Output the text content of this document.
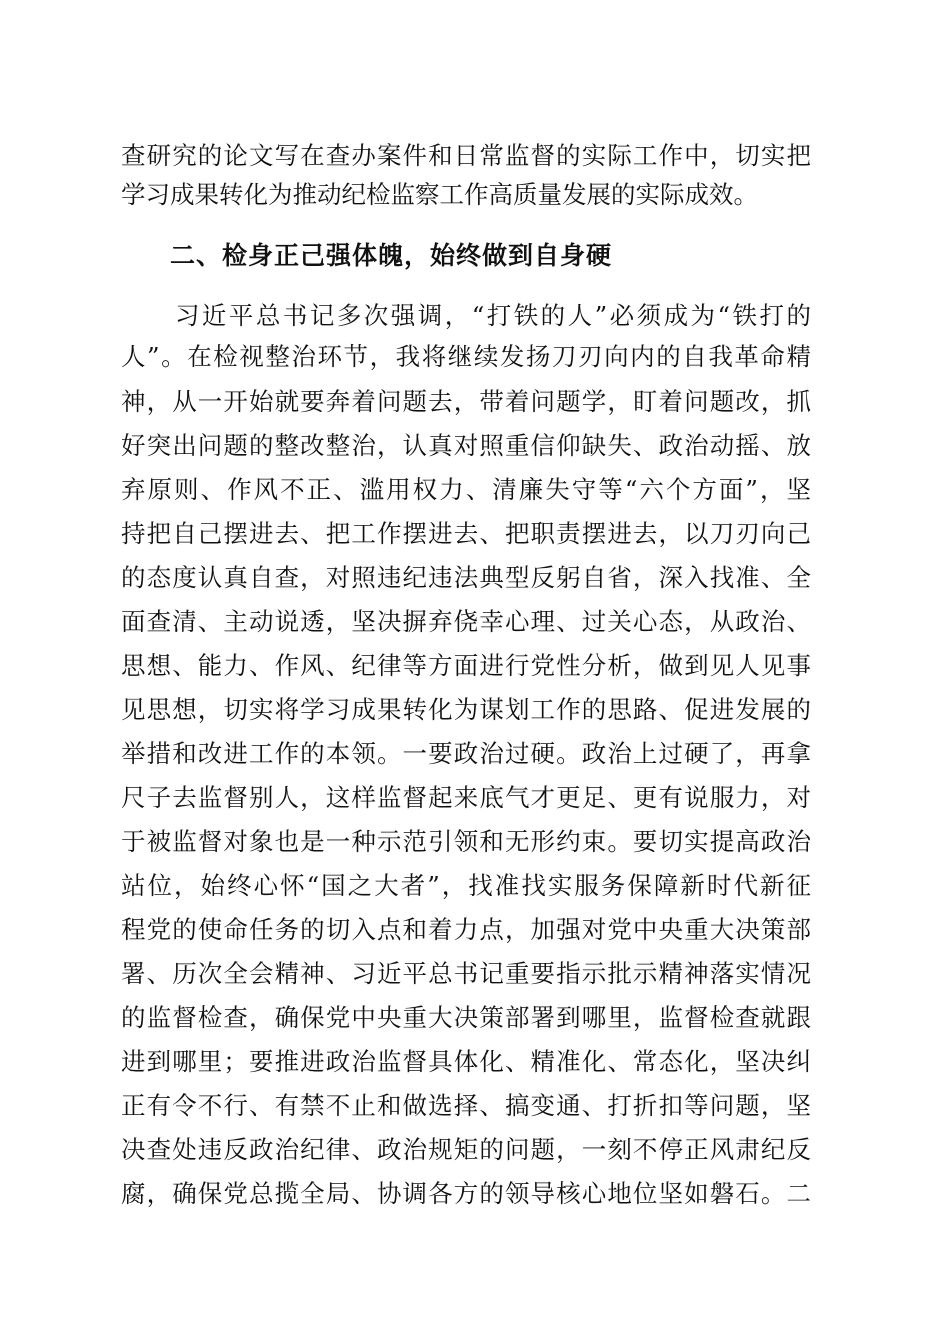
查研究的论文写在查办案件和日常监督的实际工作中，切实把
学习成果转化为推动纪检监察工作高质量发展的实际成效。
二、检身正己强体魄，始终做到自身硬
　　习近平总书记多次强调，“打铁的人”必须成为“铁打的
人”。在检视整治环节，我将继续发扬刀刃向内的自我革命精
神，从一开始就要奔着问题去，带着问题学，盯着问题改，抓
好突出问题的整改整治，认真对照重信仰缺失、政治动摇、放
弃原则、作风不正、滥用权力、清廉失守等“六个方面”，坚
持把自己摆进去、把工作摆进去、把职责摆进去，以刀刃向己
的态度认真自查，对照违纪违法典型反躬自省，深入找准、全
面查清、主动说透，坚决摒弃侥幸心理、过关心态，从政治、
思想、能力、作风、纪律等方面进行党性分析，做到见人见事
见思想，切实将学习成果转化为谋划工作的思路、促进发展的
举措和改进工作的本领。一要政治过硬。政治上过硬了，再拿
尺子去监督别人，这样监督起来底气才更足、更有说服力，对
于被监督对象也是一种示范引领和无形约束。要切实提高政治
站位，始终心怀“国之大者”，找准找实服务保障新时代新征
程党的使命任务的切入点和着力点，加强对党中央重大决策部
署、历次全会精神、习近平总书记重要指示批示精神落实情况
的监督检查，确保党中央重大决策部署到哪里，监督检查就跟
进到哪里；要推进政治监督具体化、精准化、常态化，坚决纠
正有令不行、有禁不止和做选择、搞变通、打折扣等问题，坚
决查处违反政治纪律、政治规矩的问题，一刻不停正风肃纪反
腐，确保党总揽全局、协调各方的领导核心地位坚如磐石。二
